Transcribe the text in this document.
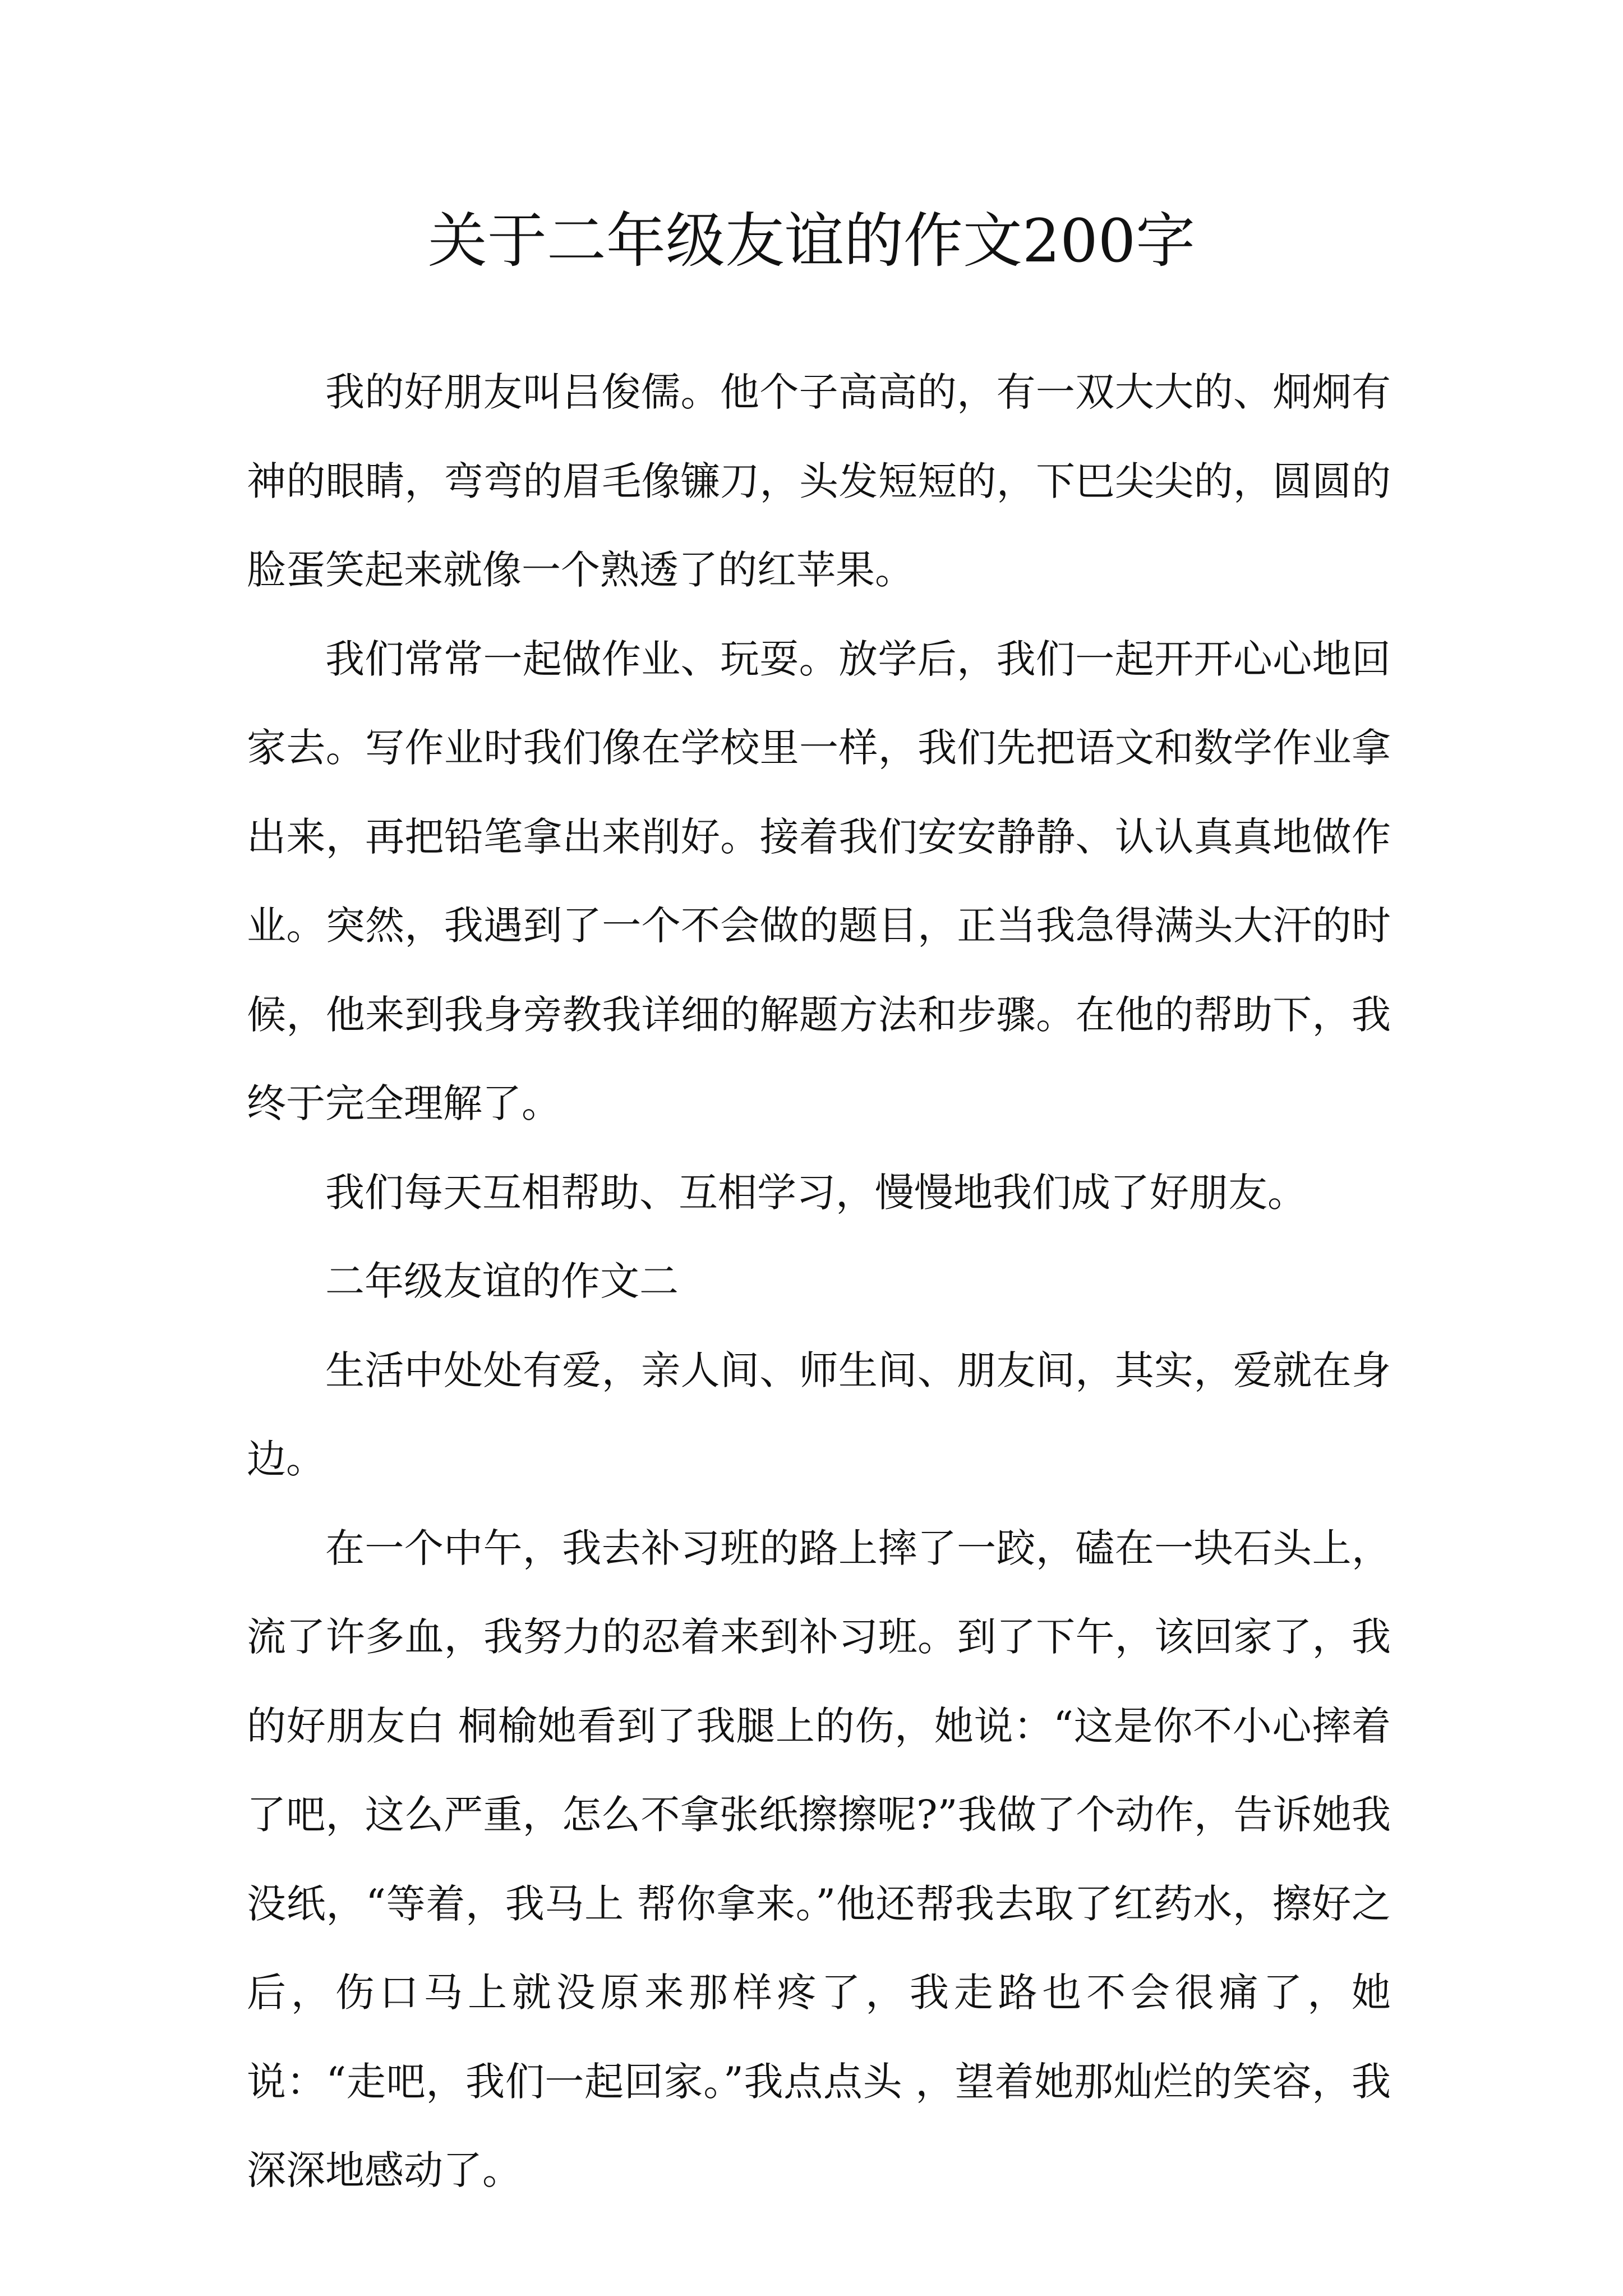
关于二年级友谊的作文200字

我的好朋友叫吕俊儒。他个子高高的，有一双大大的、炯炯有神的眼睛，弯弯的眉毛像镰刀，头发短短的，下巴尖尖的，圆圆的脸蛋笑起来就像一个熟透了的红苹果。

我们常常一起做作业、玩耍。放学后，我们一起开开心心地回家去。写作业时我们像在学校里一样，我们先把语文和数学作业拿出来，再把铅笔拿出来削好。接着我们安安静静、认认真真地做作业。突然，我遇到了一个不会做的题目，正当我急得满头大汗的时候，他来到我身旁教我详细的解题方法和步骤。在他的帮助下，我终于完全理解了。

我们每天互相帮助、互相学习，慢慢地我们成了好朋友。

二年级友谊的作文二

生活中处处有爱，亲人间、师生间、朋友间，其实，爱就在身边。

在一个中午，我去补习班的路上摔了一跤，磕在一块石头上，流了许多血，我努力的忍着来到补习班。到了下午，该回家了，我的好朋友白 桐榆她看到了我腿上的伤，她说：“这是你不小心摔着了吧，这么严重，怎么不拿张纸擦擦呢?”我做了个动作，告诉她我没纸，“等着，我马上 帮你拿来。”他还帮我去取了红药水，擦好之后，伤口马上就没原来那样疼了，我走路也不会很痛了，她说：“走吧，我们一起回家。”我点点头 ，望着她那灿烂的笑容，我深深地感动了。
